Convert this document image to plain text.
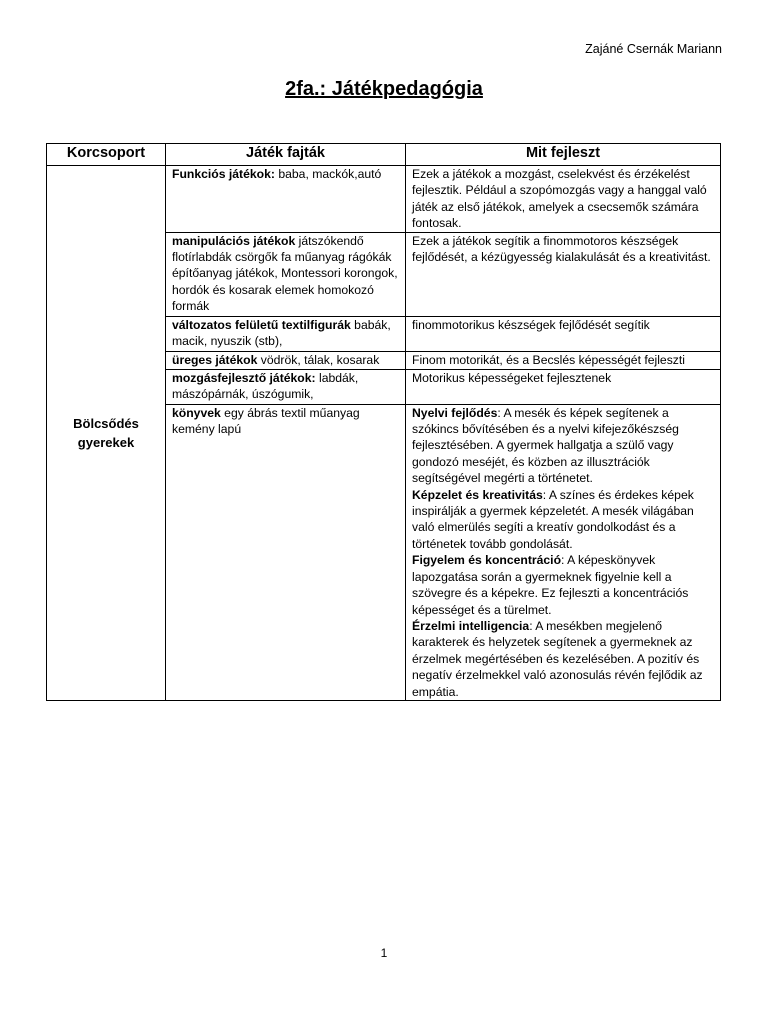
Zajáné Csernák Mariann
2fa.: Játékpedagógia
Korcsoport	Játék fajták	Mit fejleszt
Bölcsődés
gyerekek	Funkciós játékok: baba, mackók,autó	Ezek a játékok a mozgást, cselekvést és érzékelést fejlesztik. Például a szopómozgás vagy a hanggal való játék az első játékok, amelyek a csecsemők számára fontosak.
	manipulációs játékok játszókendő flotírlabdák csörgők fa műanyag rágókák építőanyag játékok, Montessori korongok, hordók és kosarak elemek homokozó formák	Ezek a játékok segítik a finommotoros készségek fejlődését, a kézügyesség kialakulását és a kreativitást.
	változatos felületű textilfigurák babák, macik, nyuszik (stb),	finommotorikus készségek fejlődését segítik
	üreges játékok vödrök, tálak, kosarak	Finom motorikát, és a Becslés képességét fejleszti
	mozgásfejlesztő játékok: labdák, mászópárnák, úszógumik,	Motorikus képességeket fejlesztenek
	könyvek egy ábrás textil műanyag kemény lapú	Nyelvi fejlődés: A mesék és képek segítenek a szókincs bővítésében és a nyelvi kifejezőkészség fejlesztésében. A gyermek hallgatja a szülő vagy gondozó meséjét, és közben az illusztrációk segítségével megérti a történetet.
Képzelet és kreativitás: A színes és érdekes képek inspirálják a gyermek képzeletét. A mesék világában való elmerülés segíti a kreatív gondolkodást és a történetek tovább gondolását.
Figyelem és koncentráció: A képeskönyvek lapozgatása során a gyermeknek figyelnie kell a szövegre és a képekre. Ez fejleszti a koncentrációs képességet és a türelmet.
Érzelmi intelligencia: A mesékben megjelenő karakterek és helyzetek segítenek a gyermeknek az érzelmek megértésében és kezelésében. A pozitív és negatív érzelmekkel való azonosulás révén fejlődik az empátia.
1
